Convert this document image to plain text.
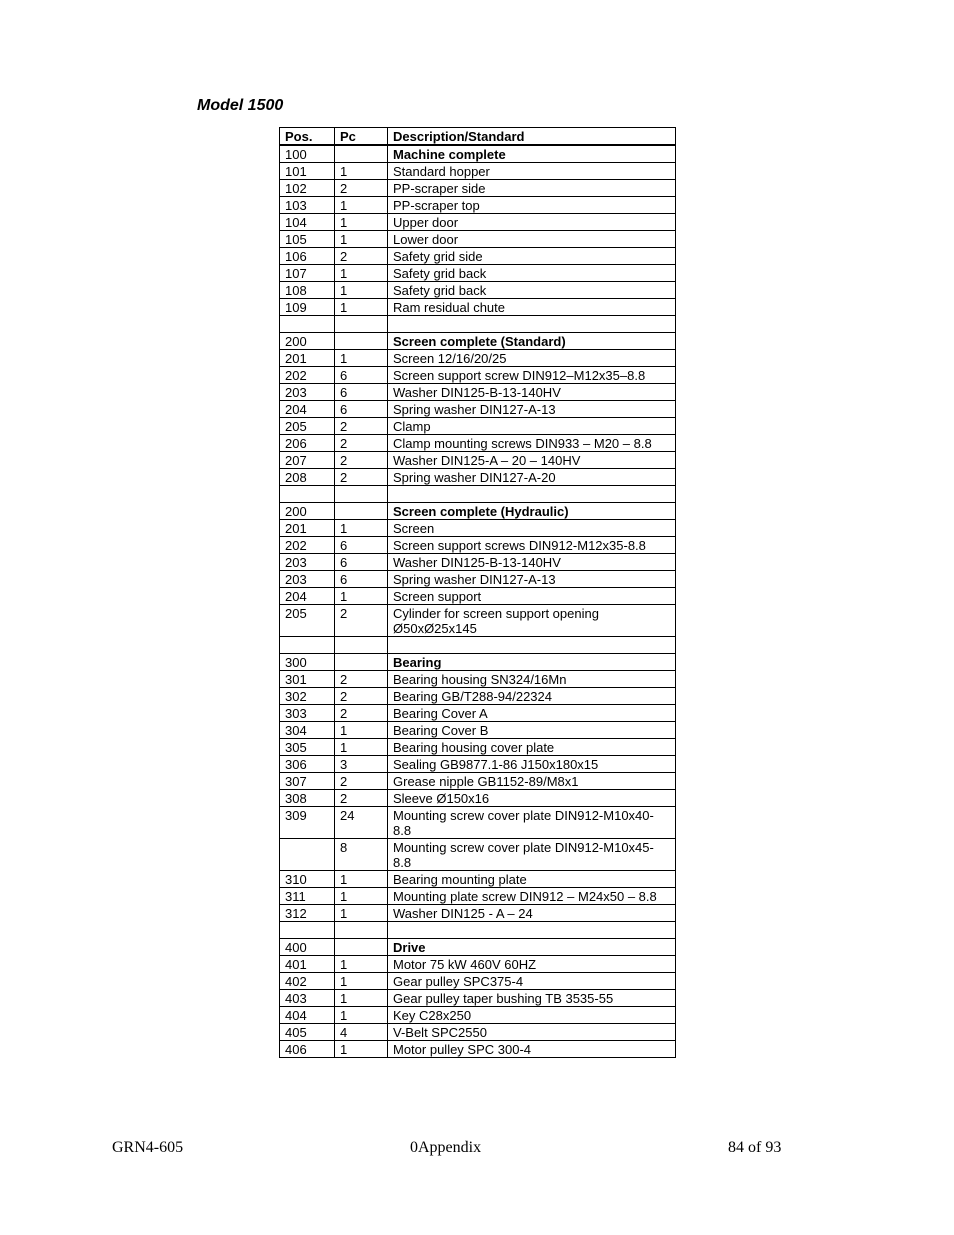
Model 1500
Pos.	Pc	Description/Standard
100		Machine complete
101	1	Standard hopper
102	2	PP-scraper side
103	1	PP-scraper top
104	1	Upper door
105	1	Lower door
106	2	Safety grid side
107	1	Safety grid back
108	1	Safety grid back
109	1	Ram residual chute

200		Screen complete (Standard)
201	1	Screen 12/16/20/25
202	6	Screen support screw DIN912–M12x35–8.8
203	6	Washer DIN125-B-13-140HV
204	6	Spring washer DIN127-A-13
205	2	Clamp
206	2	Clamp mounting screws DIN933 – M20 – 8.8
207	2	Washer DIN125-A – 20 – 140HV
208	2	Spring washer DIN127-A-20

200		Screen complete (Hydraulic)
201	1	Screen
202	6	Screen support screws DIN912-M12x35-8.8
203	6	Washer DIN125-B-13-140HV
203	6	Spring washer DIN127-A-13
204	1	Screen support
205	2	Cylinder for screen support opening Ø50xØ25x145

300		Bearing
301	2	Bearing housing SN324/16Mn
302	2	Bearing GB/T288-94/22324
303	2	Bearing Cover A
304	1	Bearing Cover B
305	1	Bearing housing cover plate
306	3	Sealing GB9877.1-86 J150x180x15
307	2	Grease nipple GB1152-89/M8x1
308	2	Sleeve Ø150x16
309	24	Mounting screw cover plate DIN912-M10x40-8.8
	8	Mounting screw cover plate DIN912-M10x45-8.8
310	1	Bearing mounting plate
311	1	Mounting plate screw DIN912 – M24x50 – 8.8
312	1	Washer DIN125 - A – 24

400		Drive
401	1	Motor 75 kW 460V 60HZ
402	1	Gear pulley SPC375-4
403	1	Gear pulley taper bushing TB 3535-55
404	1	Key C28x250
405	4	V-Belt SPC2550
406	1	Motor pulley SPC 300-4
GRN4-605	0Appendix	84 of 93
